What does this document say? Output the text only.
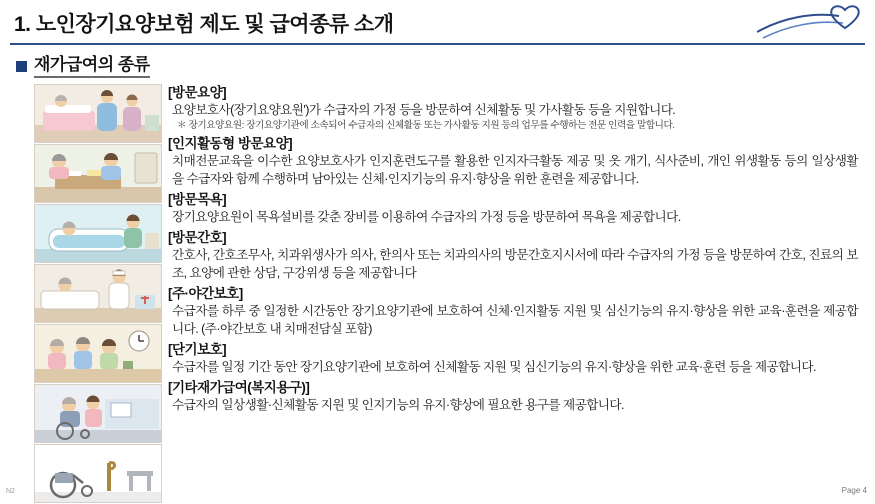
1. 노인장기요양보험 제도 및 급여종류 소개
재가급여의 종류
[방문요양]
요양보호사(장기요양요원')가 수급자의 가정 등을 방문하여 신체활동 및 가사활동 등을 지원합니다.
＊ 장기요양요원: 장기요양기관에 소속되어 수급자의 신체활동 또는 가사활동 지원 등의 업무를 수행하는 전문 인력을 말합니다.
[인지활동형 방문요양]
치매전문교육을 이수한 요양보호사가 인지훈련도구를 활용한 인지자극활동 제공 및 옷 개기, 식사준비, 개인 위생활동 등의 일상생활을 수급자와 함께 수행하며 남아있는 신체·인지기능의 유지·향상을 위한 훈련을 제공합니다.
[방문목욕]
장기요양요원이 목욕설비를 갖춘 장비를 이용하여 수급자의 가정 등을 방문하여 목욕을 제공합니다.
[방문간호]
간호사, 간호조무사, 치과위생사가 의사, 한의사 또는 치과의사의 방문간호지시서에 따라 수급자의 가정 등을 방문하여 간호, 진료의 보조, 요양에 관한 상담, 구강위생 등을 제공합니다
[주·야간보호]
수급자를 하루 중 일정한 시간동안 장기요양기관에 보호하여 신체·인지활동 지원 및 심신기능의 유지·향상을 위한 교육·훈련을 제공합니다. (주·야간보호 내 치매전담실 포함)
[단기보호]
수급자를 일정 기간 동안 장기요양기관에 보호하여 신체활동 지원 및 심신기능의 유지·향상을 위한 교육·훈련 등을 제공합니다.
[기타재가급여(복지용구)]
수급자의 일상생활·신체활동 지원 및 인지기능의 유지·향상에 필요한 용구를 제공합니다.
N2	Page 4
